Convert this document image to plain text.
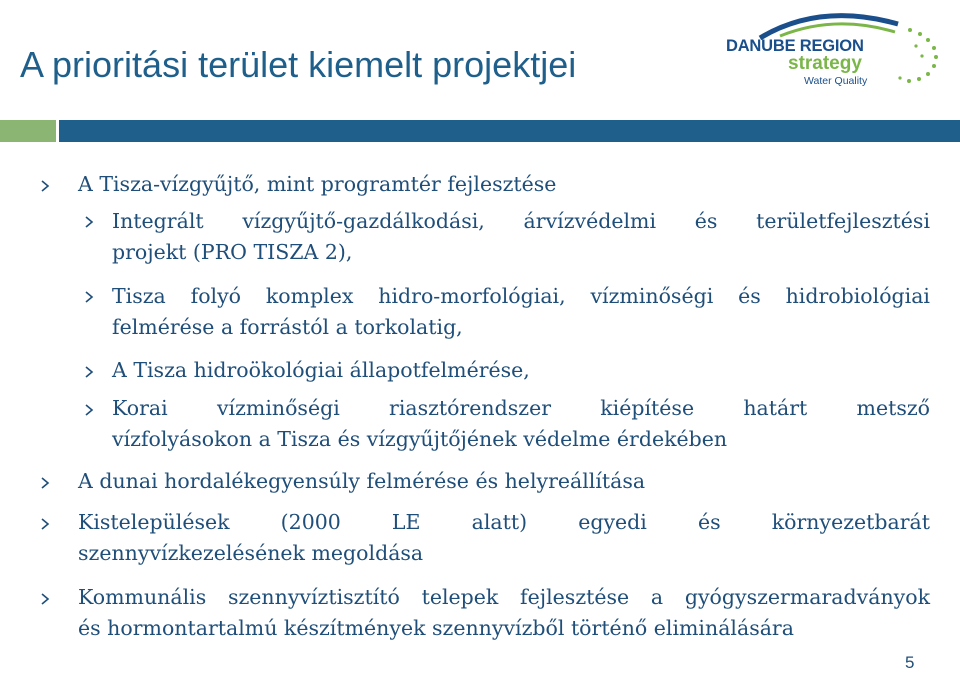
A prioritási terület kiemelt projektjei	DANUBE REGION
strategy
Water Quality

A Tisza-vízgyűjtő, mint programtér fejlesztése

Integrált vízgyűjtő-gazdálkodási, árvízvédelmi és területfejlesztési

projekt (PRO TISZA 2),

Tisza folyó komplex hidro-morfológiai, vízminőségi és hidrobiológiai

felmérése a forrástól a torkolatig,

A Tisza hidroökológiai állapotfelmérése,

Korai vízminőségi riasztórendszer kiépítése határt metsző

vízfolyásokon a Tisza és vízgyűjtőjének védelme érdekében

A dunai hordalékegyensúly felmérése és helyreállítása

Kistelepülések (2000 LE alatt) egyedi és környezetbarát

szennyvízkezelésének megoldása

Kommunális szennyvíztisztító telepek fejlesztése a gyógyszermaradványok

és hormontartalmú készítmények szennyvízből történő eliminálására

5
